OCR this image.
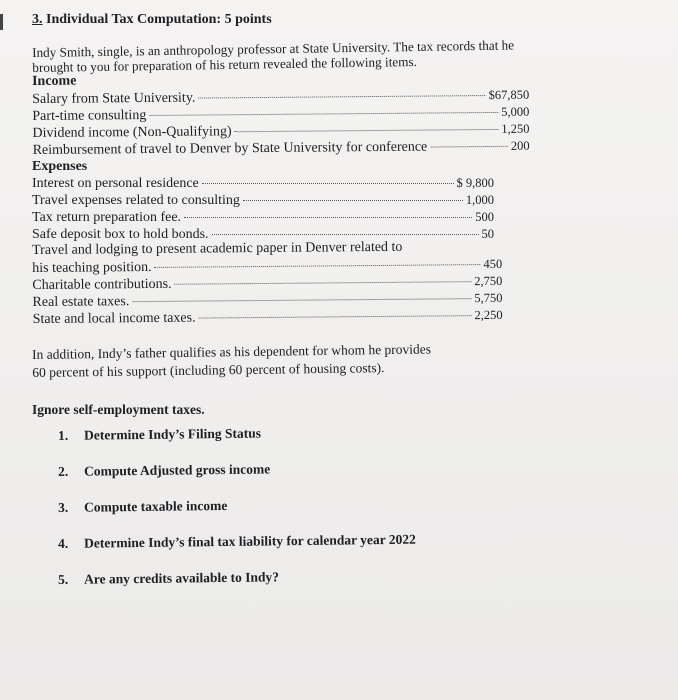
3. Individual Tax Computation: 5 points
Indy Smith, single, is an anthropology professor at State University. The tax records that he
brought to you for preparation of his return revealed the following items.
Income
Salary from State University.	$67,850
Part-time consulting	5,000
Dividend income (Non-Qualifying)	1,250
Reimbursement of travel to Denver by State University for conference	200
Expenses
Interest on personal residence	$ 9,800
Travel expenses related to consulting	1,000
Tax return preparation fee.	500
Safe deposit box to hold bonds.	50
Travel and lodging to present academic paper in Denver related to
his teaching position.	450
Charitable contributions.	2,750
Real estate taxes.	5,750
State and local income taxes.	2,250
In addition, Indy’s father qualifies as his dependent for whom he provides
60 percent of his support (including 60 percent of housing costs).
Ignore self-employment taxes.
1.	Determine Indy’s Filing Status
2.	Compute Adjusted gross income
3.	Compute taxable income
4.	Determine Indy’s final tax liability for calendar year 2022
5.	Are any credits available to Indy?
